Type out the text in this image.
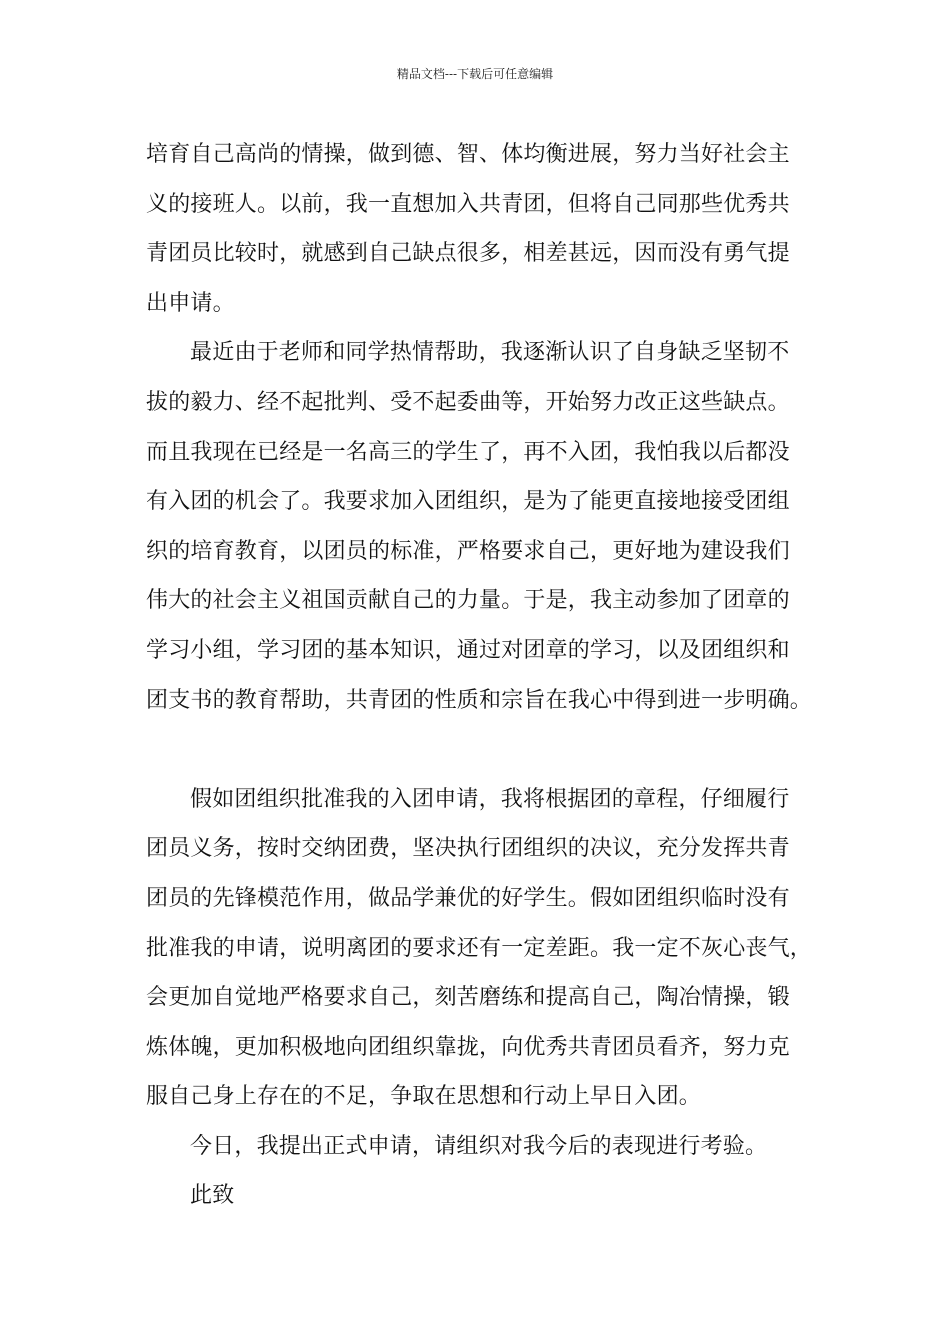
精品文档---下载后可任意编辑
培育自己高尚的情操，做到德、智、体均衡进展，努力当好社会主
义的接班人。以前，我一直想加入共青团，但将自己同那些优秀共
青团员比较时，就感到自己缺点很多，相差甚远，因而没有勇气提
出申请。
最近由于老师和同学热情帮助，我逐渐认识了自身缺乏坚韧不
拔的毅力、经不起批判、受不起委曲等，开始努力改正这些缺点。
而且我现在已经是一名高三的学生了，再不入团，我怕我以后都没
有入团的机会了。我要求加入团组织，是为了能更直接地接受团组
织的培育教育，以团员的标准，严格要求自己，更好地为建设我们
伟大的社会主义祖国贡献自己的力量。于是，我主动参加了团章的
学习小组，学习团的基本知识，通过对团章的学习，以及团组织和
团支书的教育帮助，共青团的性质和宗旨在我心中得到进一步明确。
假如团组织批准我的入团申请，我将根据团的章程，仔细履行
团员义务，按时交纳团费，坚决执行团组织的决议，充分发挥共青
团员的先锋模范作用，做品学兼优的好学生。假如团组织临时没有
批准我的申请，说明离团的要求还有一定差距。我一定不灰心丧气，
会更加自觉地严格要求自己，刻苦磨练和提高自己，陶冶情操，锻
炼体魄，更加积极地向团组织靠拢，向优秀共青团员看齐，努力克
服自己身上存在的不足，争取在思想和行动上早日入团。
今日，我提出正式申请，请组织对我今后的表现进行考验。
此致
